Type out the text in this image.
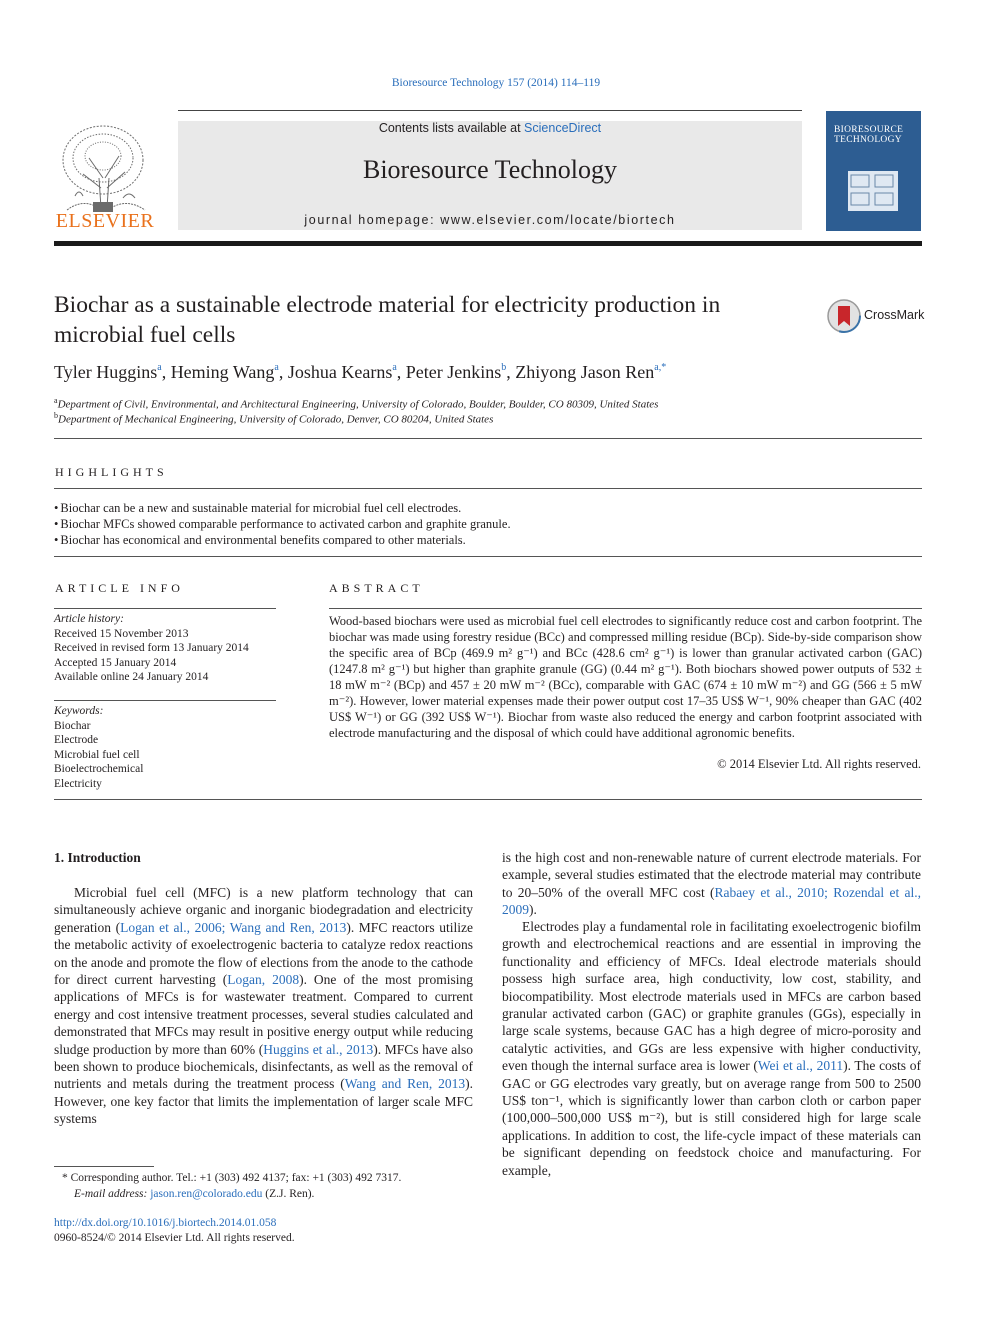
Bioresource Technology 157 (2014) 114–119
ELSEVIER
Contents lists available at ScienceDirect
Bioresource Technology
journal homepage: www.elsevier.com/locate/biortech
BIORESOURCE TECHNOLOGY
Biochar as a sustainable electrode material for electricity production in microbial fuel cells
CrossMark
Tyler Huggins$^a$, Heming Wang$^a$, Joshua Kearns$^a$, Peter Jenkins$^b$, Zhiyong Jason Ren$^{a,*}$
$^a$Department of Civil, Environmental, and Architectural Engineering, University of Colorado, Boulder, Boulder, CO 80309, United States
$^b$Department of Mechanical Engineering, University of Colorado, Denver, CO 80204, United States
HIGHLIGHTS
• Biochar can be a new and sustainable material for microbial fuel cell electrodes.
• Biochar MFCs showed comparable performance to activated carbon and graphite granule.
• Biochar has economical and environmental benefits compared to other materials.
ARTICLE INFO
Article history:
Received 15 November 2013
Received in revised form 13 January 2014
Accepted 15 January 2014
Available online 24 January 2014
Keywords:
Biochar
Electrode
Microbial fuel cell
Bioelectrochemical
Electricity
ABSTRACT
Wood-based biochars were used as microbial fuel cell electrodes to significantly reduce cost and carbon footprint. The biochar was made using forestry residue (BCc) and compressed milling residue (BCp). Side-by-side comparison show the specific area of BCp (469.9 m² g⁻¹) and BCc (428.6 cm² g⁻¹) is lower than granular activated carbon (GAC) (1247.8 m² g⁻¹) but higher than graphite granule (GG) (0.44 m² g⁻¹). Both biochars showed power outputs of 532 ± 18 mW m⁻² (BCp) and 457 ± 20 mW m⁻² (BCc), comparable with GAC (674 ± 10 mW m⁻²) and GG (566 ± 5 mW m⁻²). However, lower material expenses made their power output cost 17–35 US$ W⁻¹, 90% cheaper than GAC (402 US$ W⁻¹) or GG (392 US$ W⁻¹). Biochar from waste also reduced the energy and carbon footprint associated with electrode manufacturing and the disposal of which could have additional agronomic benefits.
© 2014 Elsevier Ltd. All rights reserved.
1. Introduction
Microbial fuel cell (MFC) is a new platform technology that can simultaneously achieve organic and inorganic biodegradation and electricity generation (Logan et al., 2006; Wang and Ren, 2013). MFC reactors utilize the metabolic activity of exoelectrogenic bacteria to catalyze redox reactions on the anode and promote the flow of elections from the anode to the cathode for direct current harvesting (Logan, 2008). One of the most promising applications of MFCs is for wastewater treatment. Compared to current energy and cost intensive treatment processes, several studies calculated and demonstrated that MFCs may result in positive energy output while reducing sludge production by more than 60% (Huggins et al., 2013). MFCs have also been shown to produce biochemicals, disinfectants, as well as the removal of nutrients and metals during the treatment process (Wang and Ren, 2013). However, one key factor that limits the implementation of larger scale MFC systems
is the high cost and non-renewable nature of current electrode materials. For example, several studies estimated that the electrode material may contribute to 20–50% of the overall MFC cost (Rabaey et al., 2010; Rozendal et al., 2009).
Electrodes play a fundamental role in facilitating exoelectrogenic biofilm growth and electrochemical reactions and are essential in improving the functionality and efficiency of MFCs. Ideal electrode materials should possess high surface area, high conductivity, low cost, stability, and biocompatibility. Most electrode materials used in MFCs are carbon based granular activated carbon (GAC) or graphite granules (GGs), especially in large scale systems, because GAC has a high degree of micro-porosity and catalytic activities, and GGs are less expensive with higher conductivity, even though the internal surface area is lower (Wei et al., 2011). The costs of GAC or GG electrodes vary greatly, but on average range from 500 to 2500 US$ ton⁻¹, which is significantly lower than carbon cloth or carbon paper (100,000–500,000 US$ m⁻²), but is still considered high for large scale applications. In addition to cost, the life-cycle impact of these materials can be significant depending on feedstock choice and manufacturing. For example,
* Corresponding author. Tel.: +1 (303) 492 4137; fax: +1 (303) 492 7317.
E-mail address: jason.ren@colorado.edu (Z.J. Ren).
http://dx.doi.org/10.1016/j.biortech.2014.01.058
0960-8524/© 2014 Elsevier Ltd. All rights reserved.
